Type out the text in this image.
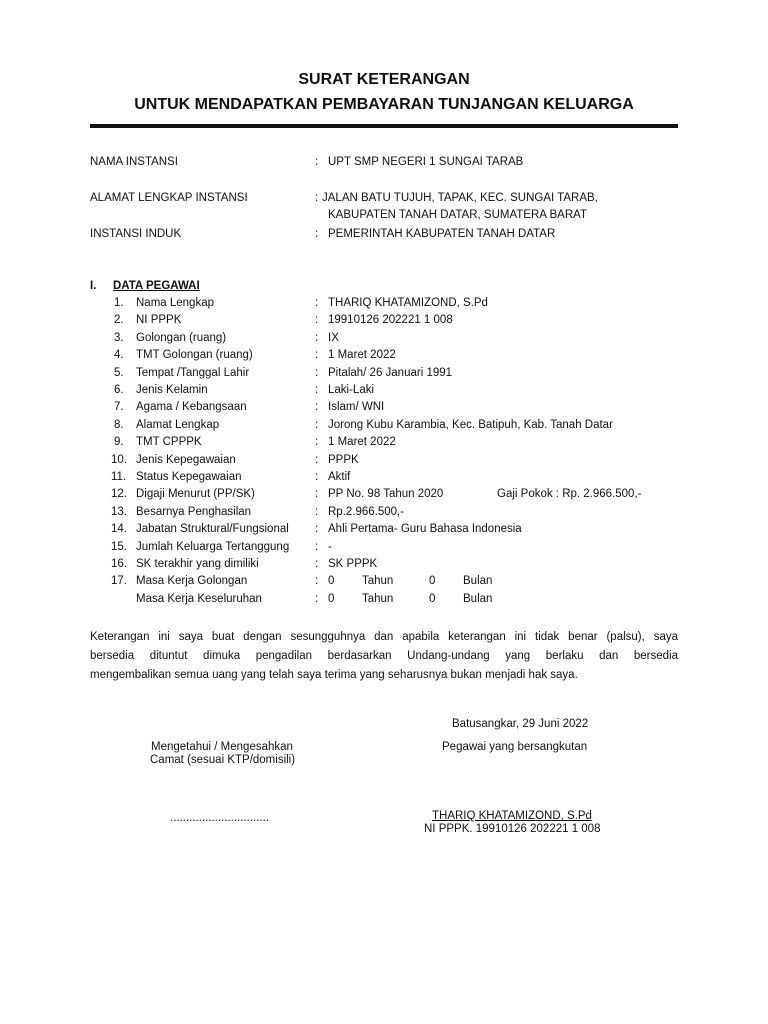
SURAT KETERANGAN
UNTUK MENDAPATKAN PEMBAYARAN TUNJANGAN KELUARGA
NAMA INSTANSI	: UPT SMP NEGERI 1 SUNGAI TARAB
ALAMAT LENGKAP INSTANSI	: JALAN BATU TUJUH, TAPAK, KEC. SUNGAI TARAB,
KABUPATEN TANAH DATAR, SUMATERA BARAT
INSTANSI INDUK	: PEMERINTAH KABUPATEN TANAH DATAR
I. DATA PEGAWAI
1. Nama Lengkap	: THARIQ KHATAMIZOND, S.Pd
2. NI PPPK	: 19910126 202221 1 008
3. Golongan (ruang)	: IX
4. TMT Golongan (ruang)	: 1 Maret 2022
5. Tempat /Tanggal Lahir	: Pitalah/ 26 Januari 1991
6. Jenis Kelamin	: Laki-Laki
7. Agama / Kebangsaan	: Islam/ WNI
8. Alamat Lengkap	: Jorong Kubu Karambia, Kec. Batipuh, Kab. Tanah Datar
9. TMT CPPPK	: 1 Maret 2022
10. Jenis Kepegawaian	: PPPK
11. Status Kepegawaian	: Aktif
12. Digaji Menurut (PP/SK)	: PP No. 98 Tahun 2020	Gaji Pokok : Rp. 2.966.500,-
13. Besarnya Penghasilan	: Rp.2.966.500,-
14. Jabatan Struktural/Fungsional : Ahli Pertama- Guru Bahasa Indonesia
15. Jumlah Keluarga Tertanggung : -
16. SK terakhir yang dimiliki	: SK PPPK
17. Masa Kerja Golongan	: 0 Tahun	0 Bulan
Masa Kerja Keseluruhan	: 0 Tahun	0 Bulan
Keterangan ini saya buat dengan sesungguhnya dan apabila keterangan ini tidak benar (palsu), saya
bersedia dituntut dimuka pengadilan berdasarkan Undang-undang yang berlaku dan bersedia
mengembalikan semua uang yang telah saya terima yang seharusnya bukan menjadi hak saya.
Batusangkar, 29 Juni 2022
Mengetahui / Mengesahkan
Camat (sesuai KTP/domisili)
Pegawai yang bersangkutan
...............................	THARIQ KHATAMIZOND, S.Pd
NI PPPK. 19910126 202221 1 008
